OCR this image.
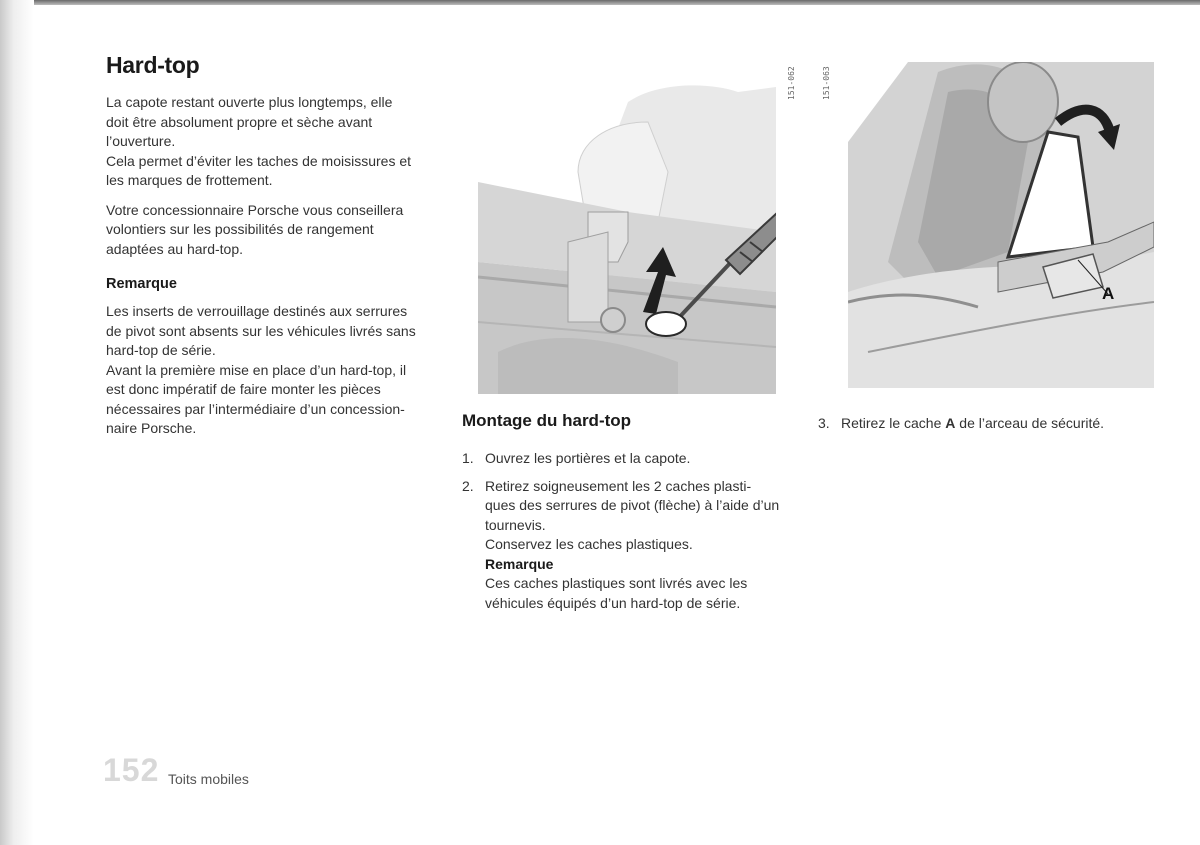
Hard-top

La capote restant ouverte plus longtemps, elle
doit être absolument propre et sèche avant
l’ouverture.
Cela permet d’éviter les taches de moisissures et
les marques de frottement.

Votre concessionnaire Porsche vous conseillera
volontiers sur les possibilités de rangement
adaptées au hard-top.

Remarque

Les inserts de verrouillage destinés aux serrures
de pivot sont absents sur les véhicules livrés sans
hard-top de série.
Avant la première mise en place d’un hard-top, il
est donc impératif de faire monter les pièces
nécessaires par l’intermédiaire d’un concession-
naire Porsche.

151-062
A
151-063
Montage du hard-top
1. Ouvrez les portières et la capote.
2. Retirez soigneusement les 2 caches plasti-
ques des serrures de pivot (flèche) à l’aide d’un
tournevis.
Conservez les caches plastiques.
Remarque
Ces caches plastiques sont livrés avec les
véhicules équipés d’un hard-top de série.
3. Retirez le cache A de l’arceau de sécurité.
152 Toits mobiles
